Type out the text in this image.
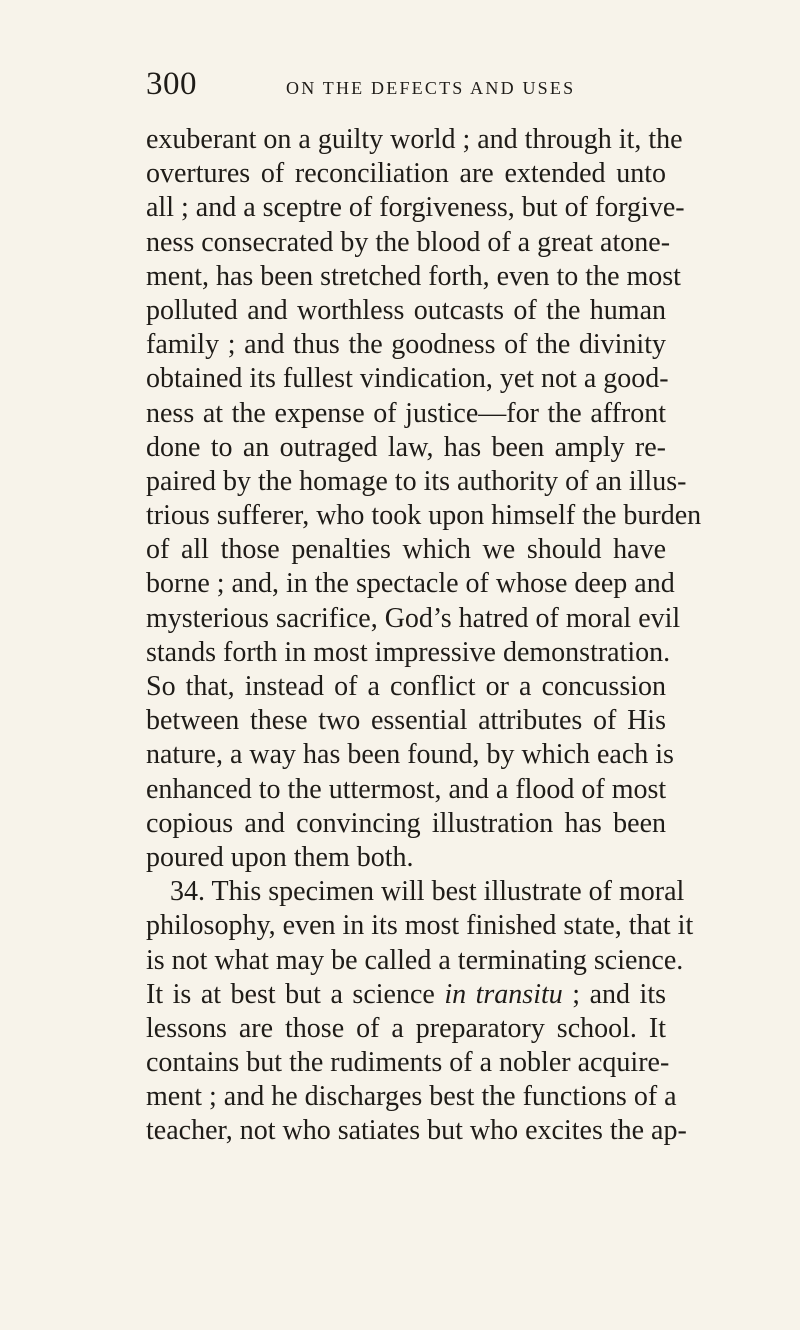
300	ON THE DEFECTS AND USES
exuberant on a guilty world ; and through it, the
overtures of reconciliation are extended unto
all ; and a sceptre of forgiveness, but of forgive-
ness consecrated by the blood of a great atone-
ment, has been stretched forth, even to the most
polluted and worthless outcasts of the human
family ; and thus the goodness of the divinity
obtained its fullest vindication, yet not a good-
ness at the expense of justice—for the affront
done to an outraged law, has been amply re-
paired by the homage to its authority of an illus-
trious sufferer, who took upon himself the burden
of all those penalties which we should have
borne ; and, in the spectacle of whose deep and
mysterious sacrifice, God’s hatred of moral evil
stands forth in most impressive demonstration.
So that, instead of a conflict or a concussion
between these two essential attributes of His
nature, a way has been found, by which each is
enhanced to the uttermost, and a flood of most
copious and convincing illustration has been
poured upon them both.
34. This specimen will best illustrate of moral
philosophy, even in its most finished state, that it
is not what may be called a terminating science.
It is at best but a science in transitu ; and its
lessons are those of a preparatory school. It
contains but the rudiments of a nobler acquire-
ment ; and he discharges best the functions of a
teacher, not who satiates but who excites the ap-
